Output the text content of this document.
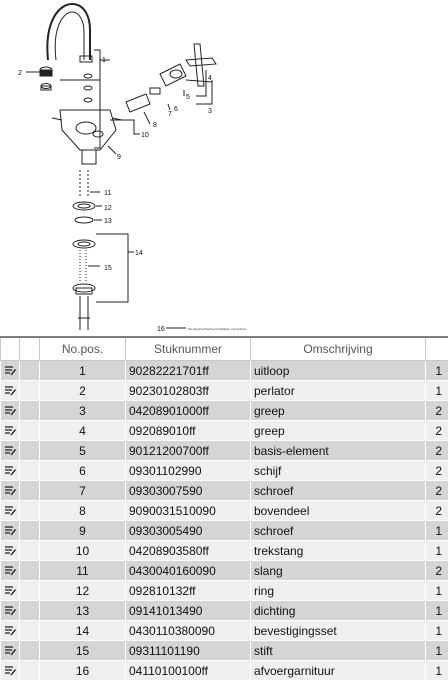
1
2
3
4
5
6
7
8
9
10
11
12
13
14
15
16	Montagehandleiding/Installation instructions
		No.pos.	Stuknummer	Omschrijving	

		1	90282221701ff	uitloop	1

		2	90230102803ff	perlator	1

		3	04208901000ff	greep	2

		4	092089010ff	greep	2

		5	90121200700ff	basis-element	2

		6	09301102990	schijf	2

		7	09303007590	schroef	2

		8	9090031510090	bovendeel	2

		9	09303005490	schroef	1

		10	04208903580ff	trekstang	1

		11	0430040160090	slang	2

		12	092810132ff	ring	1

		13	09141013490	dichting	1

		14	0430110380090	bevestigingsset	1

		15	09311101190	stift	1

		16	04110100100ff	afvoergarnituur	1
